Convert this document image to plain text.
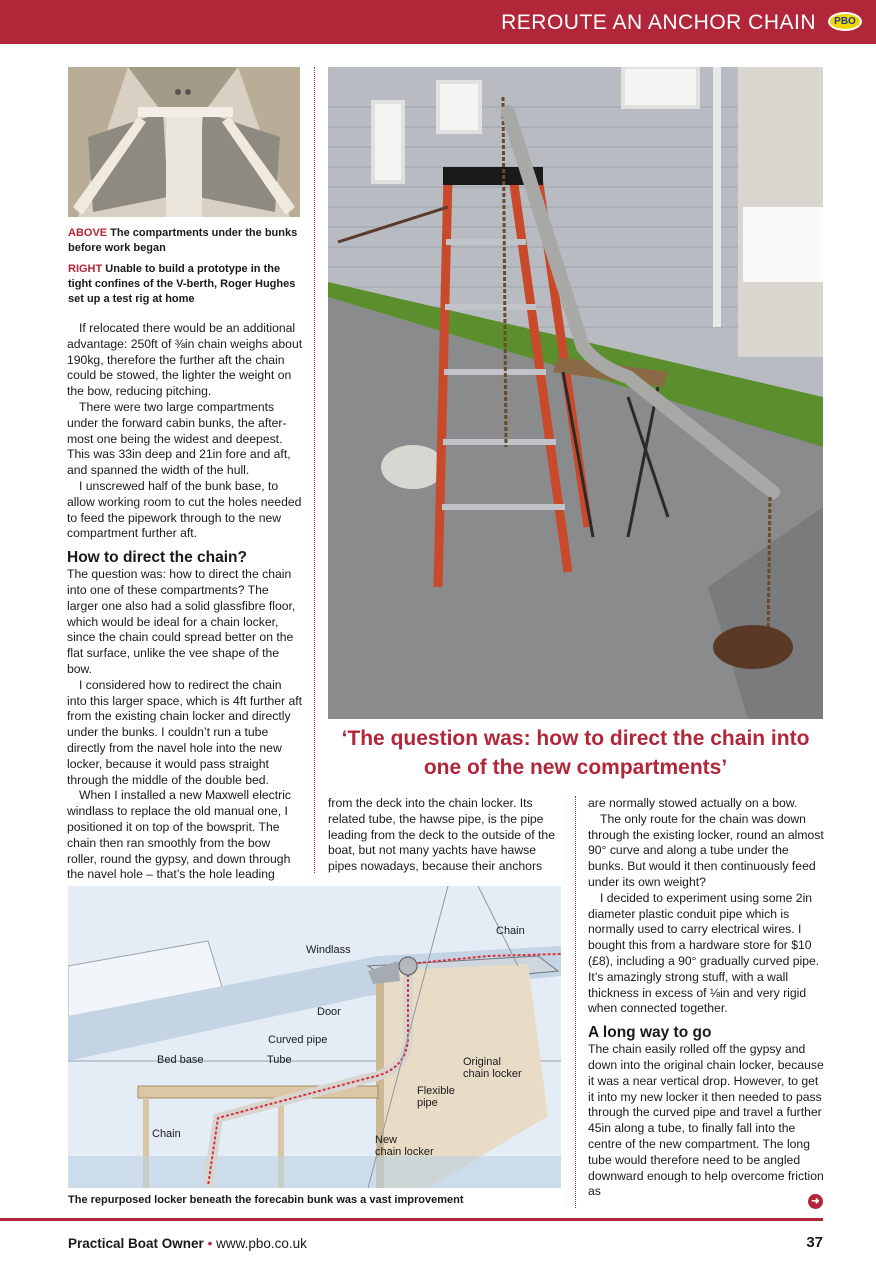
REROUTE AN ANCHOR CHAIN	PBO
ABOVE The compartments under the bunks before work began
RIGHT Unable to build a prototype in the tight confines of the V-berth, Roger Hughes set up a test rig at home

If relocated there would be an additional advantage: 250ft of ⅜in chain weighs about 190kg, therefore the further aft the chain could be stowed, the lighter the weight on the bow, reducing pitching.

There were two large compartments under the forward cabin bunks, the after-most one being the widest and deepest. This was 33in deep and 21in fore and aft, and spanned the width of the hull.

I unscrewed half of the bunk base, to allow working room to cut the holes needed to feed the pipework through to the new compartment further aft.

How to direct the chain?

The question was: how to direct the chain into one of these compartments? The larger one also had a solid glassfibre floor, which would be ideal for a chain locker, since the chain could spread better on the flat surface, unlike the vee shape of the bow.

I considered how to redirect the chain into this larger space, which is 4ft further aft from the existing chain locker and directly under the bunks. I couldn’t run a tube directly from the navel hole into the new locker, because it would pass straight through the middle of the double bed.

When I installed a new Maxwell electric windlass to replace the old manual one, I positioned it on top of the bowsprit. The chain then ran smoothly from the bow roller, round the gypsy, and down through the navel hole – that’s the hole leading

‘The question was: how to direct the chain into one of the new compartments’

from the deck into the chain locker. Its related tube, the hawse pipe, is the pipe leading from the deck to the outside of the boat, but not many yachts have hawse pipes nowadays, because their anchors

are normally stowed actually on a bow.

The only route for the chain was down through the existing locker, round an almost 90° curve and along a tube under the bunks. But would it then continuously feed under its own weight?

I decided to experiment using some 2in diameter plastic conduit pipe which is normally used to carry electrical wires. I bought this from a hardware store for $10 (£8), including a 90° gradually curved pipe. It’s amazingly strong stuff, with a wall thickness in excess of ⅛in and very rigid when connected together.

A long way to go

The chain easily rolled off the gypsy and down into the original chain locker, because it was a near vertical drop. However, to get it into my new locker it then needed to pass through the curved pipe and travel a further 45in along a tube, to finally fall into the centre of the new compartment. The long tube would therefore need to be angled downward enough to help overcome friction as

Chain
Windlass
Door
Curved pipe
Bed base	Tube	Original
chain locker
Flexible
pipe
Chain	New
chain locker
The repurposed locker beneath the forecabin bunk was a vast improvement	➜
Practical Boat Owner • www.pbo.co.uk	37
